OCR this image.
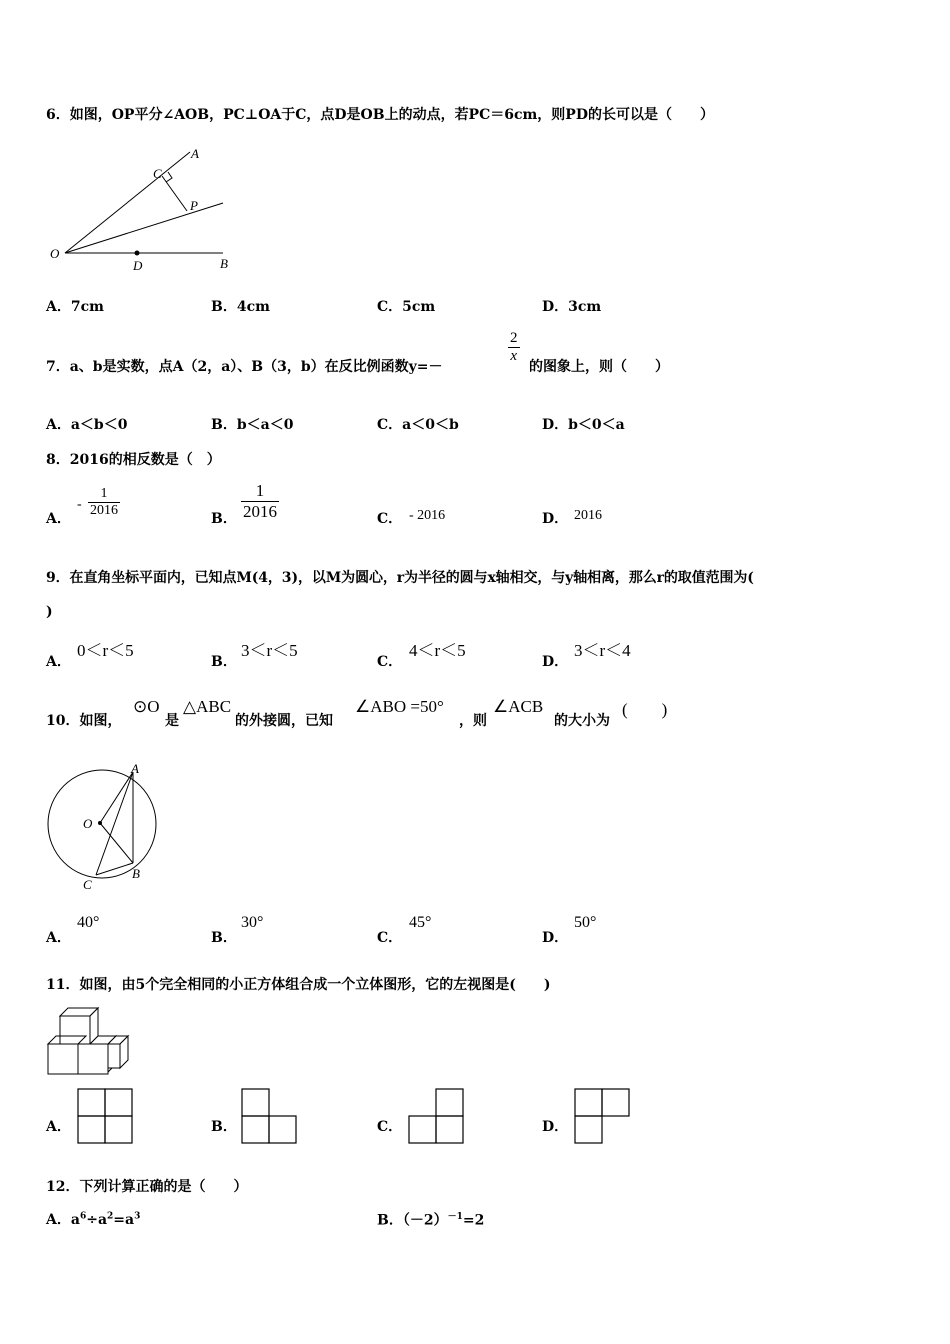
6．如图，OP平分∠AOB，PC⊥OA于C，点D是OB上的动点，若PC＝6cm，则PD的长可以是（　　）
A
C
P
O
D	B
A．7cm	B．4cm	C．5cm	D．3cm
7．a、b是实数，点A（2，a）、B（3，b）在反比例函数y=－
$\frac{2}{x}$
的图象上，则（　　）
A．a＜b＜0	B．b＜a＜0	C．a＜0＜b	D．b＜0＜a
8．2016的相反数是（　）
A．
- $\frac{1}{2016}$	B． $\frac{1}{2016}$	C． - 2016	D． 2016
9．在直角坐标平面内，已知点M(4，3)，以M为圆心，r为半径的圆与x轴相交，与y轴相离，那么r的取值范围为(
)
A．
0＜r＜5
B．
3＜r＜5
C．
4＜r＜5
D．
3＜r＜4
10．如图，
⊙O
是
△ABC
的外接圆，已知
∠ABO =50°
，则
∠ACB
的大小为
(　　)
A
O
C
B
A．
40°
B．
30°
C．
45°
D．
50°
11．如图，由5个完全相同的小正方体组合成一个立体图形，它的左视图是(　　)
A．	B．	C．	D．
12．下列计算正确的是（　　）
A．$a^6\div a^2=a^3$	B．$(-2)^{-1}=2$
